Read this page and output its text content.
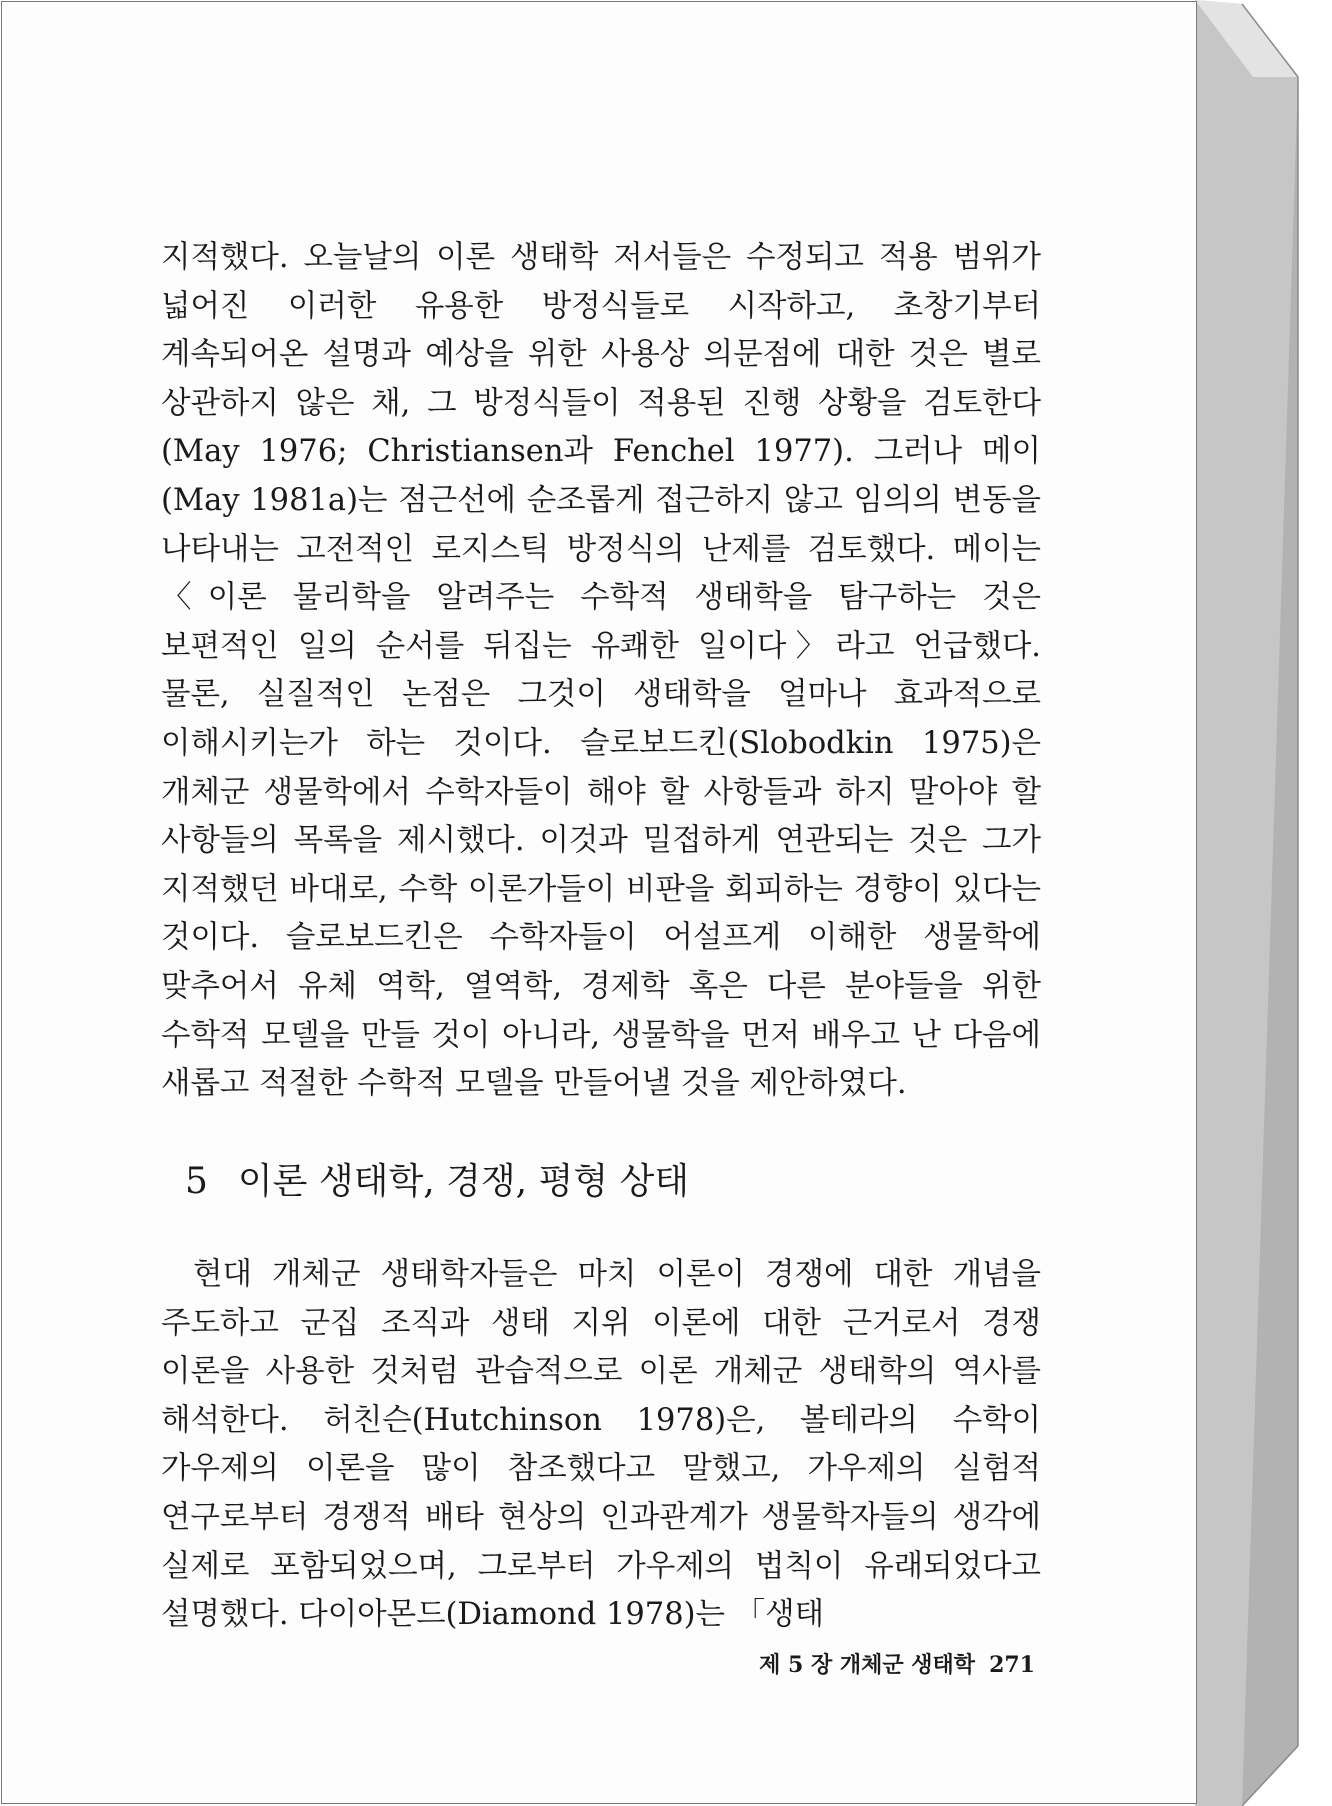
지적했다. 오늘날의 이론 생태학 저서들은 수정되고 적용 범위가 넓어진 이러한 유용한 방정식들로 시작하고, 초창기부터 계속되어온 설명과 예상을 위한 사용상 의문점에 대한 것은 별로 상관하지 않은 채, 그 방정식들이 적용된 진행 상황을 검토한다(May 1976; Christiansen과 Fenchel 1977). 그러나 메이(May 1981a)는 점근선에 순조롭게 접근하지 않고 임의의 변동을 나타내는 고전적인 로지스틱 방정식의 난제를 검토했다. 메이는 〈이론 물리학을 알려주는 수학적 생태학을 탐구하는 것은 보편적인 일의 순서를 뒤집는 유쾌한 일이다〉라고 언급했다. 물론, 실질적인 논점은 그것이 생태학을 얼마나 효과적으로 이해시키는가 하는 것이다. 슬로보드킨(Slobodkin 1975)은 개체군 생물학에서 수학자들이 해야 할 사항들과 하지 말아야 할 사항들의 목록을 제시했다. 이것과 밀접하게 연관되는 것은 그가 지적했던 바대로, 수학 이론가들이 비판을 회피하는 경향이 있다는 것이다. 슬로보드킨은 수학자들이 어설프게 이해한 생물학에 맞추어서 유체 역학, 열역학, 경제학 혹은 다른 분야들을 위한 수학적 모델을 만들 것이 아니라, 생물학을 먼저 배우고 난 다음에 새롭고 적절한 수학적 모델을 만들어낼 것을 제안하였다.

5 이론 생태학, 경쟁, 평형 상태

현대 개체군 생태학자들은 마치 이론이 경쟁에 대한 개념을 주도하고 군집 조직과 생태 지위 이론에 대한 근거로서 경쟁 이론을 사용한 것처럼 관습적으로 이론 개체군 생태학의 역사를 해석한다. 허친슨(Hutchinson 1978)은, 볼테라의 수학이 가우제의 이론을 많이 참조했다고 말했고, 가우제의 실험적 연구로부터 경쟁적 배타 현상의 인과관계가 생물학자들의 생각에 실제로 포함되었으며, 그로부터 가우제의 법칙이 유래되었다고 설명했다. 다이아몬드(Diamond 1978)는 「생태

제 5 장 개체군 생태학 271
